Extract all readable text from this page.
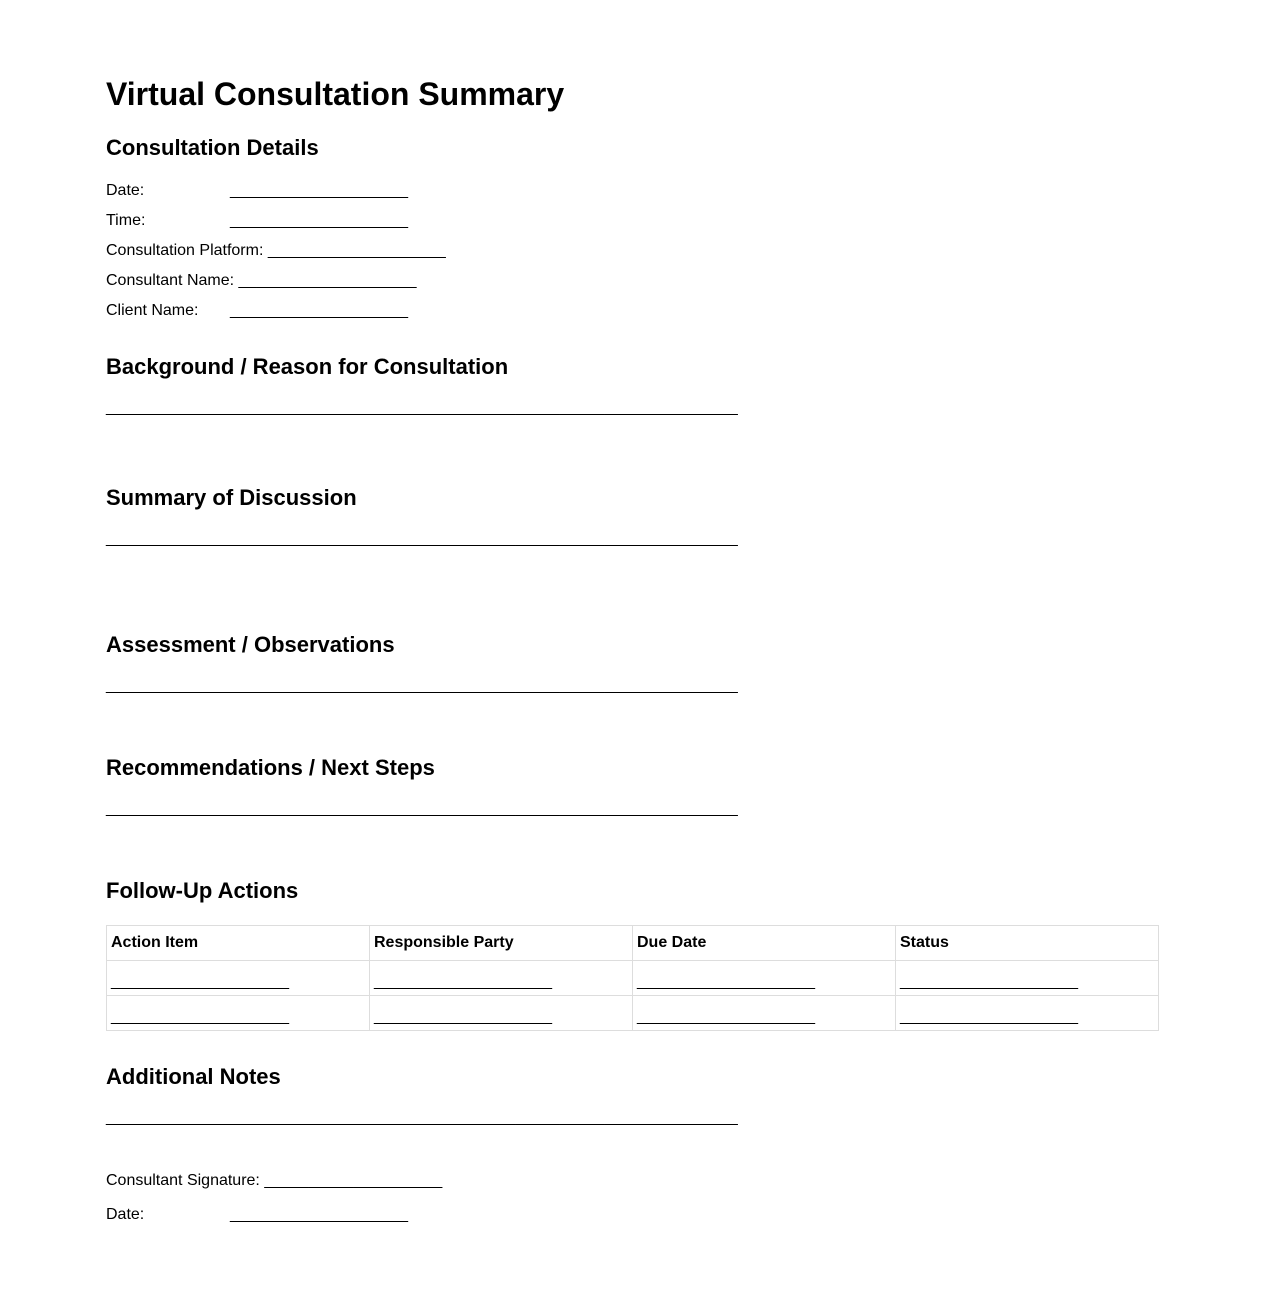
Virtual Consultation Summary
Consultation Details
Date:	____________________
Time:	____________________
Consultation Platform: ____________________
Consultant Name: ____________________
Client Name: ____________________
Background / Reason for Consultation
_______________________________________________________________________
Summary of Discussion
_______________________________________________________________________
Assessment / Observations
_______________________________________________________________________
Recommendations / Next Steps
_______________________________________________________________________
Follow-Up Actions
Action Item	Responsible Party	Due Date	Status
____________________	____________________	____________________	____________________
____________________	____________________	____________________	____________________
Additional Notes
_______________________________________________________________________
Consultant Signature: ____________________
Date:	____________________
